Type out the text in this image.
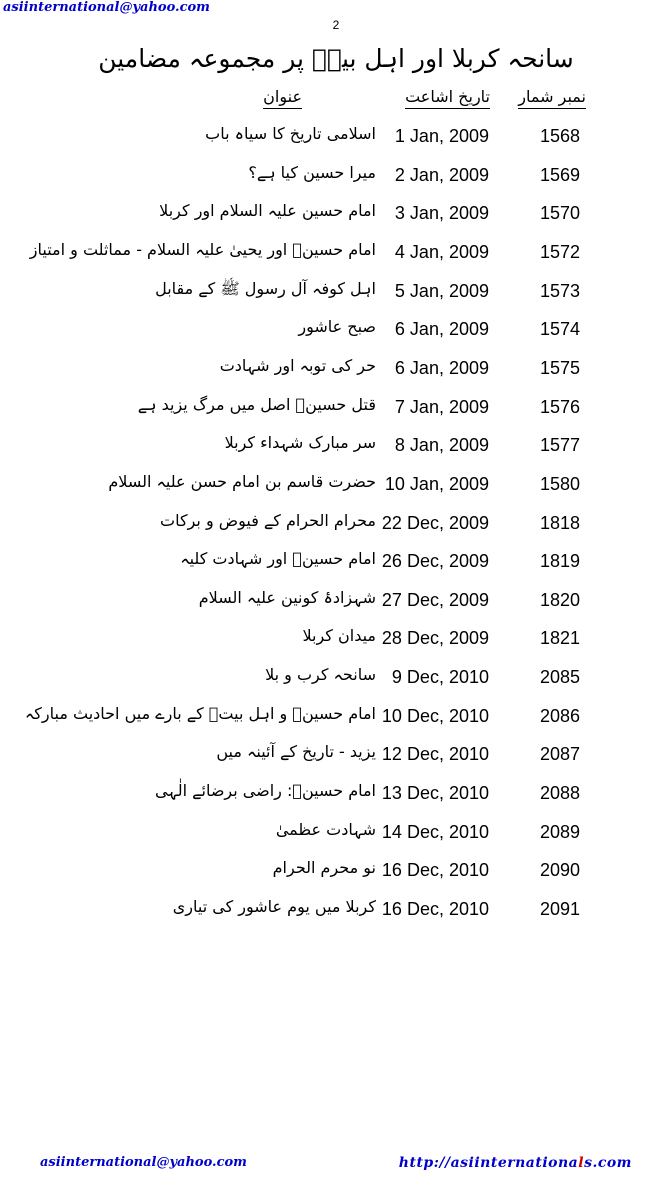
asiinternational@yahoo.com
2
سانحہ کربلا اور اہل بیتؑ پر مجموعہ مضامین
نمبر شمار
تاریخ اشاعت
عنوان
1568
1 Jan, 2009
اسلامی تاریخ کا سیاہ باب
1569
2 Jan, 2009
میرا حسین کیا ہے؟
1570
3 Jan, 2009
امام حسین علیہ السلام اور کربلا
1572
4 Jan, 2009
امام حسینؑ اور یحییٰ علیہ السلام - مماثلت و امتیاز
1573
5 Jan, 2009
اہل کوفہ آل رسول ﷺ کے مقابل
1574
6 Jan, 2009
صبح عاشور
1575
6 Jan, 2009
حر کی توبہ اور شہادت
1576
7 Jan, 2009
قتل حسینؑ اصل میں مرگ یزید ہے
1577
8 Jan, 2009
سر مبارک شہداء کربلا
1580
10 Jan, 2009
حضرت قاسم بن امام حسن علیہ السلام
1818
22 Dec, 2009
محرام الحرام کے فیوض و برکات
1819
26 Dec, 2009
امام حسینؑ اور شہادت کلیہ
1820
27 Dec, 2009
شہزادۂ کونین علیہ السلام
1821
28 Dec, 2009
میدان کربلا
2085
9 Dec, 2010
سانحہ کرب و بلا
2086
10 Dec, 2010
امام حسینؑ و اہل بیتؑ کے بارے میں احادیث مبارکہ
2087
12 Dec, 2010
یزید - تاریخ کے آئینہ میں
2088
13 Dec, 2010
امام حسینؑ: راضی برضائے الٰہی
2089
14 Dec, 2010
شہادت عظمیٰ
2090
16 Dec, 2010
نو محرم الحرام
2091
16 Dec, 2010
کربلا میں یوم عاشور کی تیاری
asiinternational@yahoo.com	http://asiinternationals.com
